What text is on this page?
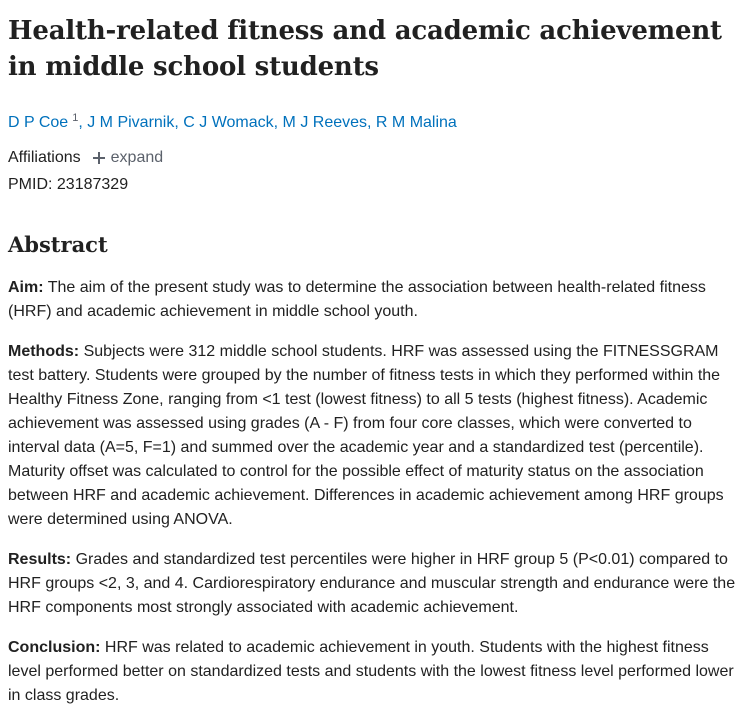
Health-related fitness and academic achievement in middle school students
D P Coe $^1$, J M Pivarnik, C J Womack, M J Reeves, R M Malina
Affiliations expand
PMID: 23187329
Abstract

Aim: The aim of the present study was to determine the association between health-related fitness (HRF) and academic achievement in middle school youth.

Methods: Subjects were 312 middle school students. HRF was assessed using the FITNESSGRAM test battery. Students were grouped by the number of fitness tests in which they performed within the Healthy Fitness Zone, ranging from <1 test (lowest fitness) to all 5 tests (highest fitness). Academic achievement was assessed using grades (A - F) from four core classes, which were converted to interval data (A=5, F=1) and summed over the academic year and a standardized test (percentile). Maturity offset was calculated to control for the possible effect of maturity status on the association between HRF and academic achievement. Differences in academic achievement among HRF groups were determined using ANOVA.

Results: Grades and standardized test percentiles were higher in HRF group 5 (P<0.01) compared to HRF groups <2, 3, and 4. Cardiorespiratory endurance and muscular strength and endurance were the HRF components most strongly associated with academic achievement.

Conclusion: HRF was related to academic achievement in youth. Students with the highest fitness level performed better on standardized tests and students with the lowest fitness level performed lower in class grades.
